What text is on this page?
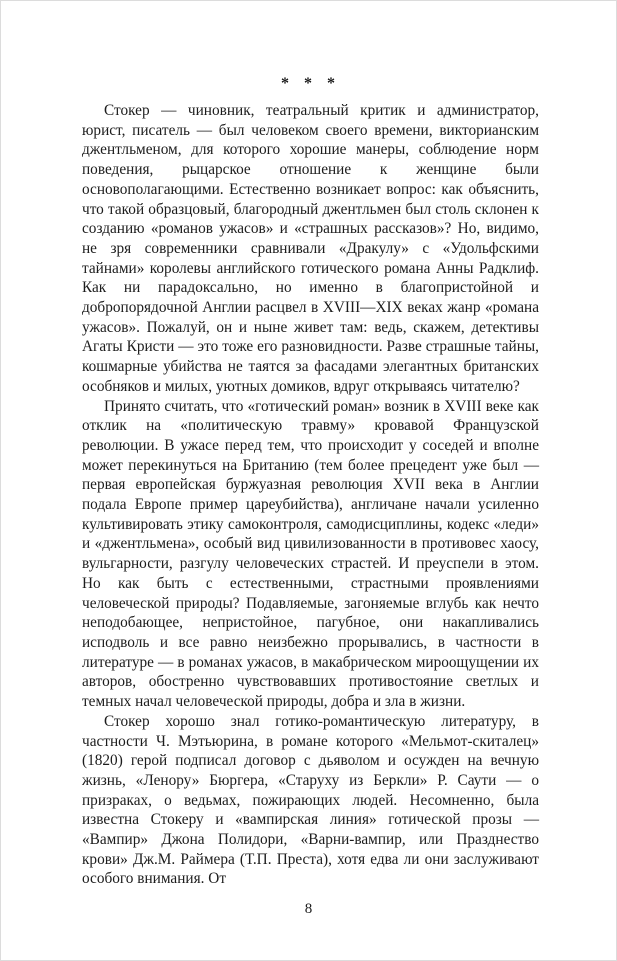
* * *

Стокер — чиновник, театральный критик и администратор, юрист, писатель — был человеком своего времени, викторианским джентльменом, для которого хорошие манеры, соблюдение норм поведения, рыцарское отношение к женщине были основополагающими. Естественно возникает вопрос: как объяснить, что такой образцовый, благородный джентльмен был столь склонен к созданию «романов ужасов» и «страшных рассказов»? Но, видимо, не зря современники сравнивали «Дракулу» с «Удольфскими тайнами» королевы английского готического романа Анны Радклиф. Как ни парадоксально, но именно в благопристойной и добропорядочной Англии расцвел в XVIII—XIX веках жанр «романа ужасов». Пожалуй, он и ныне живет там: ведь, скажем, детективы Агаты Кристи — это тоже его разновидности. Разве страшные тайны, кошмарные убийства не таятся за фасадами элегантных британских особняков и милых, уютных домиков, вдруг открываясь читателю?

Принято считать, что «готический роман» возник в XVIII веке как отклик на «политическую травму» кровавой Французской революции. В ужасе перед тем, что происходит у соседей и вполне может перекинуться на Британию (тем более прецедент уже был — первая европейская буржуазная революция XVII века в Англии подала Европе пример цареубийства), англичане начали усиленно культивировать этику самоконтроля, самодисциплины, кодекс «леди» и «джентльмена», особый вид цивилизованности в противовес хаосу, вульгарности, разгулу человеческих страстей. И преуспели в этом. Но как быть с естественными, страстными проявлениями человеческой природы? Подавляемые, загоняемые вглубь как нечто неподобающее, непристойное, пагубное, они накапливались исподволь и все равно неизбежно прорывались, в частности в литературе — в романах ужасов, в макабрическом мироощущении их авторов, обостренно чувствовавших противостояние светлых и темных начал человеческой природы, добра и зла в жизни.

Стокер хорошо знал готико-романтическую литературу, в частности Ч. Мэтьюрина, в романе которого «Мельмот-скиталец» (1820) герой подписал договор с дьяволом и осужден на вечную жизнь, «Ленору» Бюргера, «Старуху из Беркли» Р. Саути — о призраках, о ведьмах, пожирающих людей. Несомненно, была известна Стокеру и «вампирская линия» готической прозы — «Вампир» Джона Полидори, «Варни-вампир, или Празднество крови» Дж.М. Раймера (Т.П. Преста), хотя едва ли они заслуживают особого внимания. От

8
